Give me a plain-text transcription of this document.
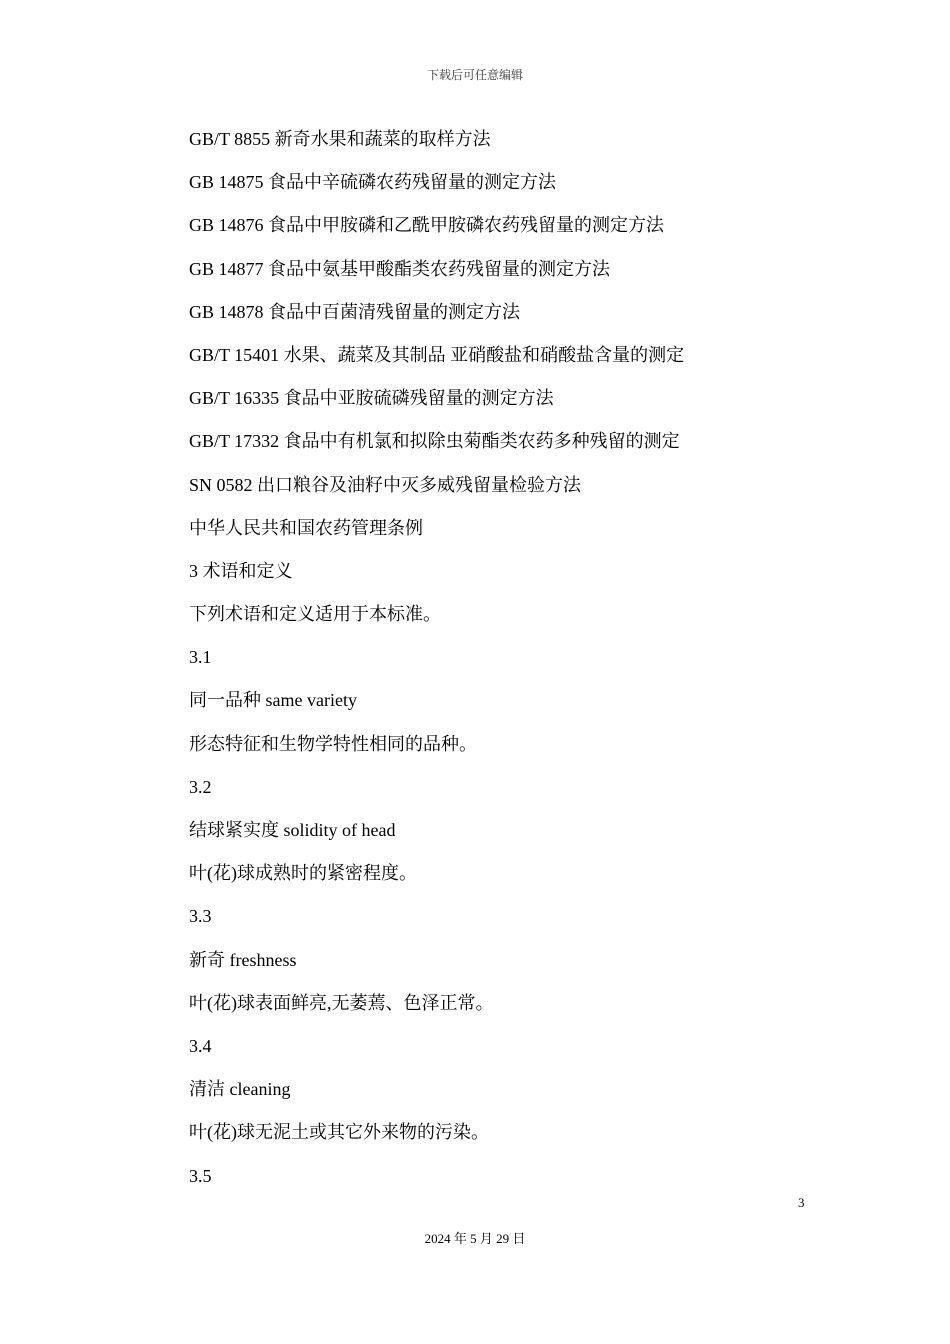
下载后可任意编辑
GB/T 8855 新奇水果和蔬菜的取样方法
GB 14875 食品中辛硫磷农药残留量的测定方法
GB 14876 食品中甲胺磷和乙酰甲胺磷农药残留量的测定方法
GB 14877 食品中氨基甲酸酯类农药残留量的测定方法
GB 14878 食品中百菌清残留量的测定方法
GB/T 15401 水果、蔬菜及其制品 亚硝酸盐和硝酸盐含量的测定
GB/T 16335 食品中亚胺硫磷残留量的测定方法
GB/T 17332 食品中有机氯和拟除虫菊酯类农药多种残留的测定
SN 0582 出口粮谷及油籽中灭多威残留量检验方法
中华人民共和国农药管理条例
3 术语和定义
下列术语和定义适用于本标准。
3.1
同一品种 same variety
形态特征和生物学特性相同的品种。
3.2
结球紧实度 solidity of head
叶(花)球成熟时的紧密程度。
3.3
新奇 freshness
叶(花)球表面鲜亮,无萎蔫、色泽正常。
3.4
清洁 cleaning
叶(花)球无泥土或其它外来物的污染。
3.5
3
2024 年 5 月 29 日
